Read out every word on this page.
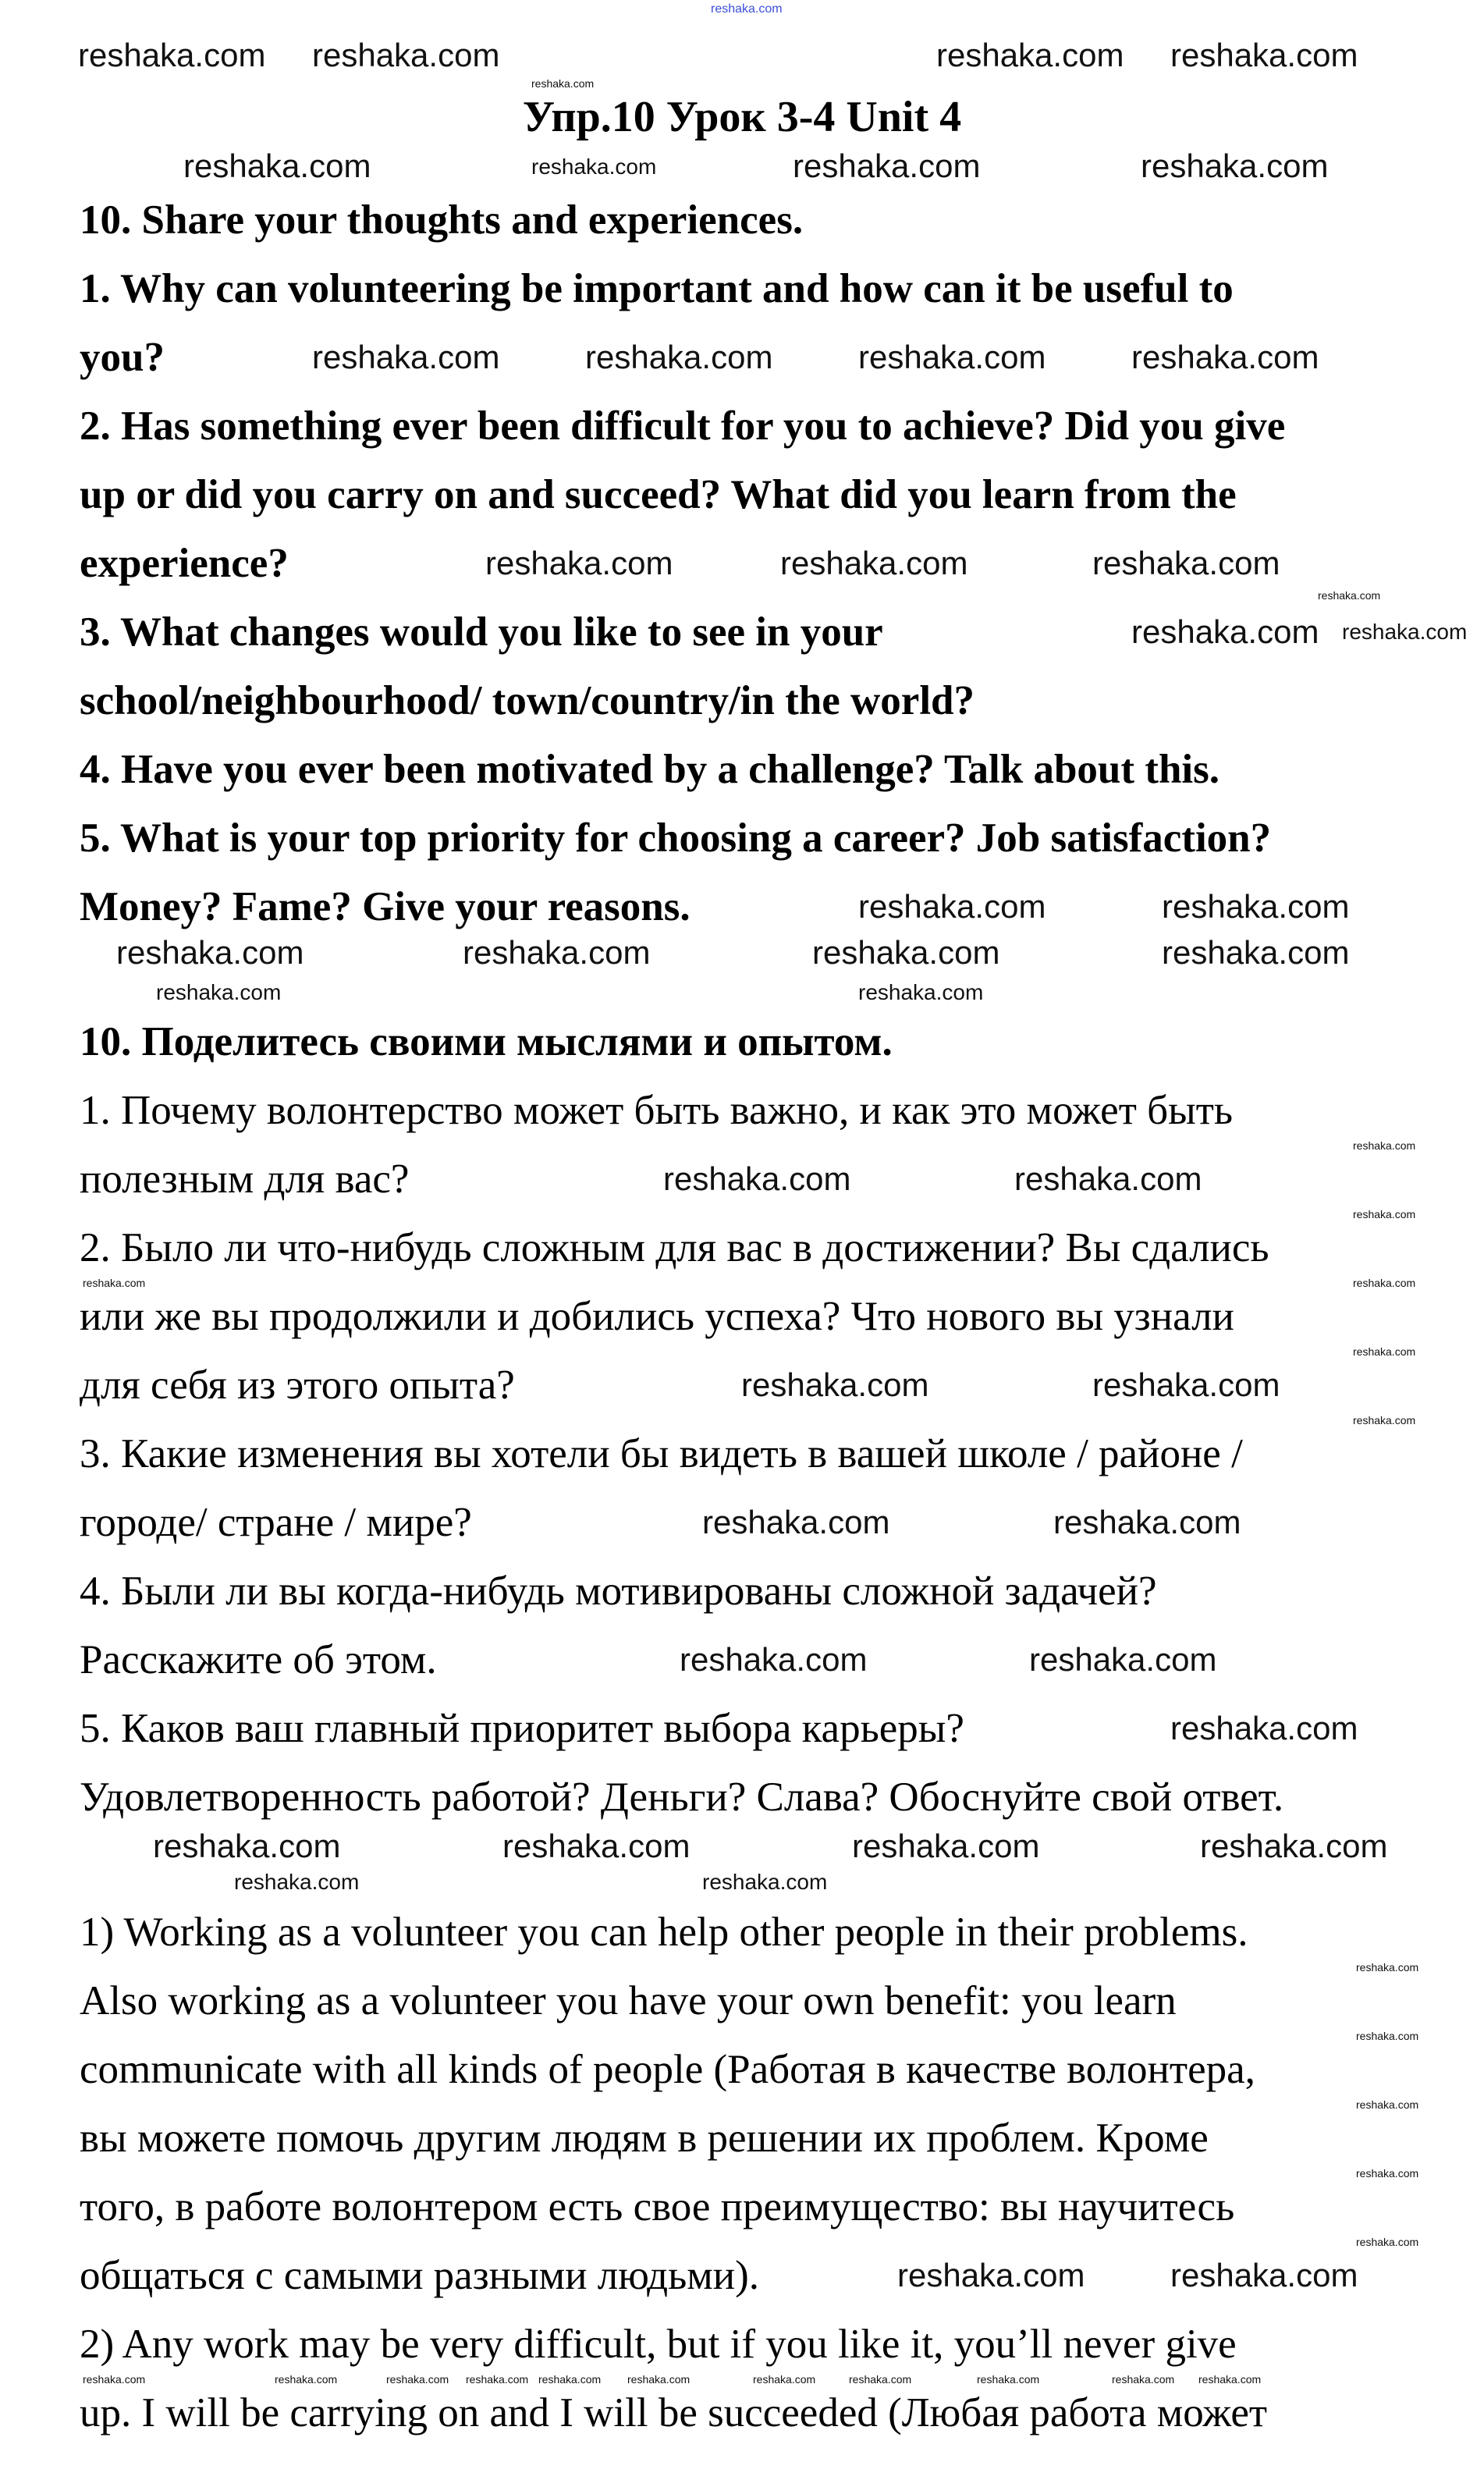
reshaka.com
Упр.10 Урок 3-4 Unit 4
10. Share your thoughts and experiences.
1. Why can volunteering be important and how can it be useful to
you?
2. Has something ever been difficult for you to achieve? Did you give
up or did you carry on and succeed? What did you learn from the
experience?
3. What changes would you like to see in your
school/neighbourhood/ town/country/in the world?
4. Have you ever been motivated by a challenge? Talk about this.
5. What is your top priority for choosing a career? Job satisfaction?
Money? Fame? Give your reasons.
10. Поделитесь своими мыслями и опытом.
1. Почему волонтерство может быть важно, и как это может быть
полезным для вас?
2. Было ли что-нибудь сложным для вас в достижении? Вы сдались
или же вы продолжили и добились успеха? Что нового вы узнали
для себя из этого опыта?
3. Какие изменения вы хотели бы видеть в вашей школе / районе /
городе/ стране / мире?
4. Были ли вы когда-нибудь мотивированы сложной задачей?
Расскажите об этом.
5. Каков ваш главный приоритет выбора карьеры?
Удовлетворенность работой? Деньги? Слава? Обоснуйте свой ответ.
1) Working as a volunteer you can help other people in their problems.
Also working as a volunteer you have your own benefit: you learn
communicate with all kinds of people (Работая в качестве волонтера,
вы можете помочь другим людям в решении их проблем. Кроме
того, в работе волонтером есть свое преимущество: вы научитесь
общаться с самыми разными людьми).
2) Any work may be very difficult, but if you like it, you’ll never give
up. I will be carrying on and I will be succeeded (Любая работа может
reshaka.com reshaka.com	reshaka.com reshaka.com
reshaka.com	reshaka.com	reshaka.com
reshaka.com	reshaka.com	reshaka.com	reshaka.com
reshaka.com	reshaka.com	reshaka.com
reshaka.com
reshaka.com	reshaka.com
reshaka.com	reshaka.com	reshaka.com	reshaka.com
reshaka.com	reshaka.com
reshaka.com	reshaka.com
reshaka.com	reshaka.com
reshaka.com	reshaka.com
reshaka.com
reshaka.com	reshaka.com	reshaka.com	reshaka.com
reshaka.com	reshaka.com
reshaka.com
reshaka.com
reshaka.com	reshaka.com
reshaka.com	reshaka.com
reshaka.com
reshaka.com
reshaka.com
reshaka.com
reshaka.com
reshaka.com
reshaka.com
reshaka.com
reshaka.com
reshaka.com
reshaka.com
reshaka.com
reshaka.com
reshaka.com	reshaka.com	reshaka.com reshaka.com reshaka.com reshaka.com	reshaka.com	reshaka.com	reshaka.com	reshaka.com reshaka.com
